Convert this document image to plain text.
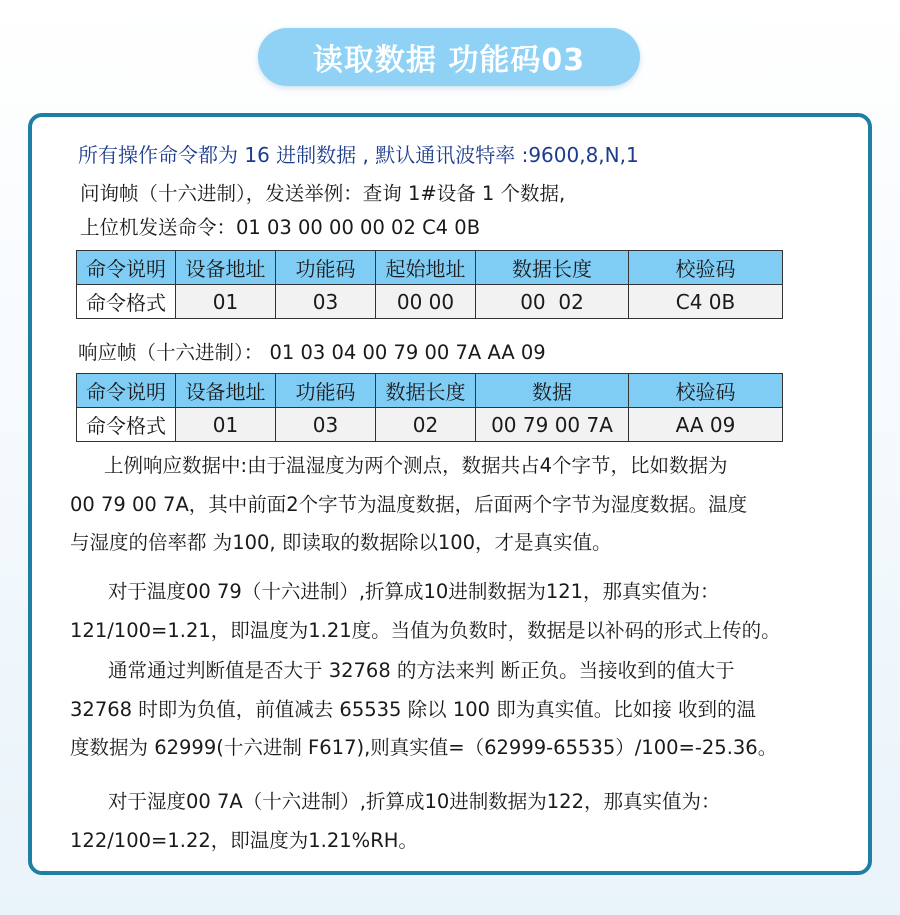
读取数据 功能码03
所有操作命令都为 16 进制数据 , 默认通讯波特率 :9600,8,N,1
问询帧（十六进制），发送举例：查询 1#设备 1 个数据,
上位机发送命令：01 03 00 00 00 02 C4 0B
命令说明	设备地址	功能码	起始地址	数据长度	校验码
命令格式	01	03	00 00	00  02	C4 0B
响应帧（十六进制）： 01 03 04 00 79 00 7A AA 09
命令说明	设备地址	功能码	数据长度	数据	校验码
命令格式	01	03	02	00 79 00 7A	AA 09
上例响应数据中:由于温湿度为两个测点，数据共占4个字节，比如数据为
00 79 00 7A，其中前面2个字节为温度数据，后面两个字节为湿度数据。温度
与湿度的倍率都 为100, 即读取的数据除以100，才是真实值。
对于温度00 79（十六进制）,折算成10进制数据为121，那真实值为：
121/100=1.21，即温度为1.21度。当值为负数时，数据是以补码的形式上传的。
通常通过判断值是否大于 32768 的方法来判 断正负。当接收到的值大于
32768 时即为负值，前值减去 65535 除以 100 即为真实值。比如接 收到的温
度数据为 62999(十六进制 F617),则真实值=（62999-65535）/100=-25.36。
对于湿度00 7A（十六进制）,折算成10进制数据为122，那真实值为：
122/100=1.22，即温度为1.21%RH。
